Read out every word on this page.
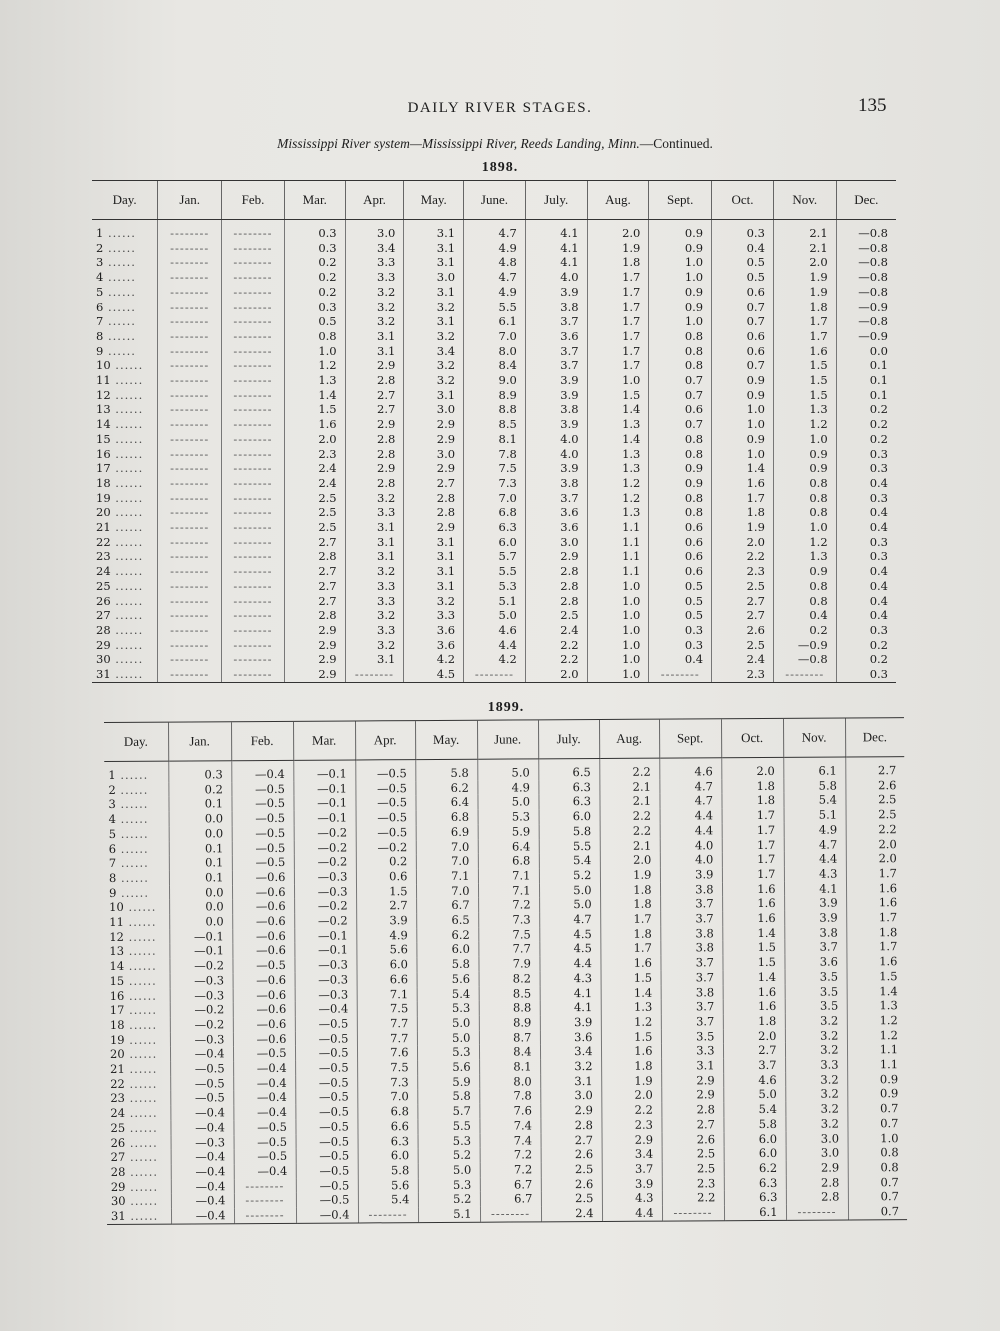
DAILY RIVER STAGES.	135
Mississippi River system—Mississippi River, Reeds Landing, Minn.—Continued.
1898.
Day.	Jan.	Feb.	Mar.	Apr.	May.	June.	July.	Aug.	Sept.	Oct.	Nov.	Dec.
1 ......	--------	--------	0.3	3.0	3.1	4.7	4.1	2.0	0.9	0.3	2.1	—0.8
2 ......	--------	--------	0.3	3.4	3.1	4.9	4.1	1.9	0.9	0.4	2.1	—0.8
3 ......	--------	--------	0.2	3.3	3.1	4.8	4.1	1.8	1.0	0.5	2.0	—0.8
4 ......	--------	--------	0.2	3.3	3.0	4.7	4.0	1.7	1.0	0.5	1.9	—0.8
5 ......	--------	--------	0.2	3.2	3.1	4.9	3.9	1.7	0.9	0.6	1.9	—0.8
6 ......	--------	--------	0.3	3.2	3.2	5.5	3.8	1.7	0.9	0.7	1.8	—0.9
7 ......	--------	--------	0.5	3.2	3.1	6.1	3.7	1.7	1.0	0.7	1.7	—0.8
8 ......	--------	--------	0.8	3.1	3.2	7.0	3.6	1.7	0.8	0.6	1.7	—0.9
9 ......	--------	--------	1.0	3.1	3.4	8.0	3.7	1.7	0.8	0.6	1.6	0.0
10 ......	--------	--------	1.2	2.9	3.2	8.4	3.7	1.7	0.8	0.7	1.5	0.1
11 ......	--------	--------	1.3	2.8	3.2	9.0	3.9	1.0	0.7	0.9	1.5	0.1
12 ......	--------	--------	1.4	2.7	3.1	8.9	3.9	1.5	0.7	0.9	1.5	0.1
13 ......	--------	--------	1.5	2.7	3.0	8.8	3.8	1.4	0.6	1.0	1.3	0.2
14 ......	--------	--------	1.6	2.9	2.9	8.5	3.9	1.3	0.7	1.0	1.2	0.2
15 ......	--------	--------	2.0	2.8	2.9	8.1	4.0	1.4	0.8	0.9	1.0	0.2
16 ......	--------	--------	2.3	2.8	3.0	7.8	4.0	1.3	0.8	1.0	0.9	0.3
17 ......	--------	--------	2.4	2.9	2.9	7.5	3.9	1.3	0.9	1.4	0.9	0.3
18 ......	--------	--------	2.4	2.8	2.7	7.3	3.8	1.2	0.9	1.6	0.8	0.4
19 ......	--------	--------	2.5	3.2	2.8	7.0	3.7	1.2	0.8	1.7	0.8	0.3
20 ......	--------	--------	2.5	3.3	2.8	6.8	3.6	1.3	0.8	1.8	0.8	0.4
21 ......	--------	--------	2.5	3.1	2.9	6.3	3.6	1.1	0.6	1.9	1.0	0.4
22 ......	--------	--------	2.7	3.1	3.1	6.0	3.0	1.1	0.6	2.0	1.2	0.3
23 ......	--------	--------	2.8	3.1	3.1	5.7	2.9	1.1	0.6	2.2	1.3	0.3
24 ......	--------	--------	2.7	3.2	3.1	5.5	2.8	1.1	0.6	2.3	0.9	0.4
25 ......	--------	--------	2.7	3.3	3.1	5.3	2.8	1.0	0.5	2.5	0.8	0.4
26 ......	--------	--------	2.7	3.3	3.2	5.1	2.8	1.0	0.5	2.7	0.8	0.4
27 ......	--------	--------	2.8	3.2	3.3	5.0	2.5	1.0	0.5	2.7	0.4	0.4
28 ......	--------	--------	2.9	3.3	3.6	4.6	2.4	1.0	0.3	2.6	0.2	0.3
29 ......	--------	--------	2.9	3.2	3.6	4.4	2.2	1.0	0.3	2.5	—0.9	0.2
30 ......	--------	--------	2.9	3.1	4.2	4.2	2.2	1.0	0.4	2.4	—0.8	0.2
31 ......	--------	--------	2.9	--------	4.5	--------	2.0	1.0	--------	2.3	--------	0.3
1899.
Day.	Jan.	Feb.	Mar.	Apr.	May.	June.	July.	Aug.	Sept.	Oct.	Nov.	Dec.
1 ......	0.3	—0.4	—0.1	—0.5	5.8	5.0	6.5	2.2	4.6	2.0	6.1	2.7
2 ......	0.2	—0.5	—0.1	—0.5	6.2	4.9	6.3	2.1	4.7	1.8	5.8	2.6
3 ......	0.1	—0.5	—0.1	—0.5	6.4	5.0	6.3	2.1	4.7	1.8	5.4	2.5
4 ......	0.0	—0.5	—0.1	—0.5	6.8	5.3	6.0	2.2	4.4	1.7	5.1	2.5
5 ......	0.0	—0.5	—0.2	—0.5	6.9	5.9	5.8	2.2	4.4	1.7	4.9	2.2
6 ......	0.1	—0.5	—0.2	—0.2	7.0	6.4	5.5	2.1	4.0	1.7	4.7	2.0
7 ......	0.1	—0.5	—0.2	0.2	7.0	6.8	5.4	2.0	4.0	1.7	4.4	2.0
8 ......	0.1	—0.6	—0.3	0.6	7.1	7.1	5.2	1.9	3.9	1.7	4.3	1.7
9 ......	0.0	—0.6	—0.3	1.5	7.0	7.1	5.0	1.8	3.8	1.6	4.1	1.6
10 ......	0.0	—0.6	—0.2	2.7	6.7	7.2	5.0	1.8	3.7	1.6	3.9	1.6
11 ......	0.0	—0.6	—0.2	3.9	6.5	7.3	4.7	1.7	3.7	1.6	3.9	1.7
12 ......	—0.1	—0.6	—0.1	4.9	6.2	7.5	4.5	1.8	3.8	1.4	3.8	1.8
13 ......	—0.1	—0.6	—0.1	5.6	6.0	7.7	4.5	1.7	3.8	1.5	3.7	1.7
14 ......	—0.2	—0.5	—0.3	6.0	5.8	7.9	4.4	1.6	3.7	1.5	3.6	1.6
15 ......	—0.3	—0.6	—0.3	6.6	5.6	8.2	4.3	1.5	3.7	1.4	3.5	1.5
16 ......	—0.3	—0.6	—0.3	7.1	5.4	8.5	4.1	1.4	3.8	1.6	3.5	1.4
17 ......	—0.2	—0.6	—0.4	7.5	5.3	8.8	4.1	1.3	3.7	1.6	3.5	1.3
18 ......	—0.2	—0.6	—0.5	7.7	5.0	8.9	3.9	1.2	3.7	1.8	3.2	1.2
19 ......	—0.3	—0.6	—0.5	7.7	5.0	8.7	3.6	1.5	3.5	2.0	3.2	1.2
20 ......	—0.4	—0.5	—0.5	7.6	5.3	8.4	3.4	1.6	3.3	2.7	3.2	1.1
21 ......	—0.5	—0.4	—0.5	7.5	5.6	8.1	3.2	1.8	3.1	3.7	3.3	1.1
22 ......	—0.5	—0.4	—0.5	7.3	5.9	8.0	3.1	1.9	2.9	4.6	3.2	0.9
23 ......	—0.5	—0.4	—0.5	7.0	5.8	7.8	3.0	2.0	2.9	5.0	3.2	0.9
24 ......	—0.4	—0.4	—0.5	6.8	5.7	7.6	2.9	2.2	2.8	5.4	3.2	0.7
25 ......	—0.4	—0.5	—0.5	6.6	5.5	7.4	2.8	2.3	2.7	5.8	3.2	0.7
26 ......	—0.3	—0.5	—0.5	6.3	5.3	7.4	2.7	2.9	2.6	6.0	3.0	1.0
27 ......	—0.4	—0.5	—0.5	6.0	5.2	7.2	2.6	3.4	2.5	6.0	3.0	0.8
28 ......	—0.4	—0.4	—0.5	5.8	5.0	7.2	2.5	3.7	2.5	6.2	2.9	0.8
29 ......	—0.4	--------	—0.5	5.6	5.3	6.7	2.6	3.9	2.3	6.3	2.8	0.7
30 ......	—0.4	--------	—0.5	5.4	5.2	6.7	2.5	4.3	2.2	6.3	2.8	0.7
31 ......	—0.4	--------	—0.4	--------	5.1	--------	2.4	4.4	--------	6.1	--------	0.7
